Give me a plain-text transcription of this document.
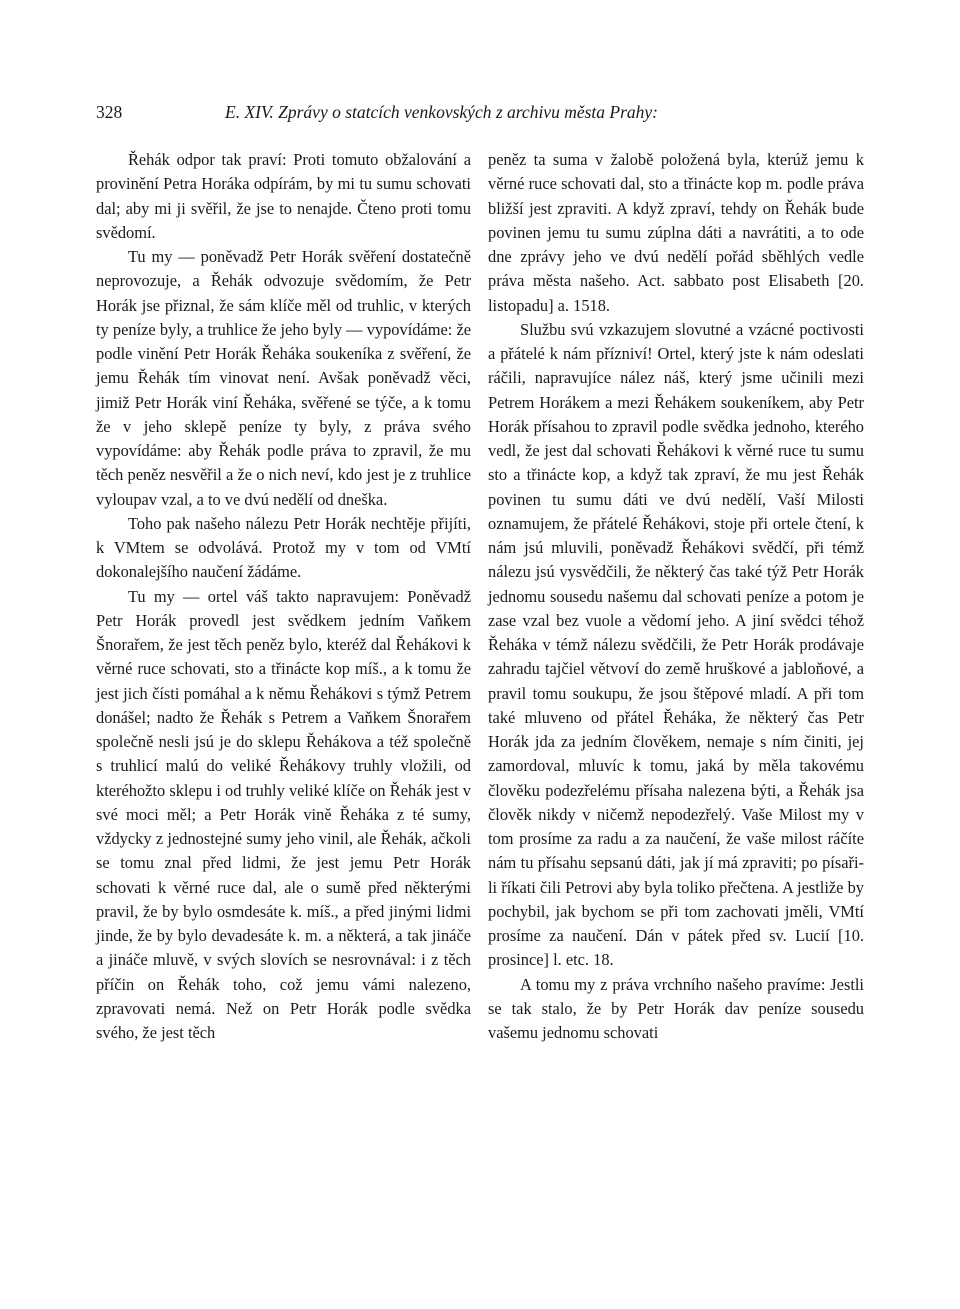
328	E. XIV. Zprávy o statcích venkovských z archivu města Prahy:

Řehák odpor tak praví: Proti tomuto obžalování a provinění Petra Horáka odpírám, by mi tu sumu schovati dal; aby mi ji svěřil, že jse to nenajde. Čteno proti tomu svědomí.

Tu my — poněvadž Petr Horák svěření dostatečně neprovozuje, a Řehák odvozuje svědomím, že Petr Horák jse přiznal, že sám klíče měl od truhlic, v kterých ty peníze byly, a truhlice že jeho byly — vypovídáme: že podle vinění Petr Horák Řeháka soukeníka z svěření, že jemu Řehák tím vinovat není. Avšak poněvadž věci, jimiž Petr Horák viní Řeháka, svěřené se týče, a k tomu že v jeho sklepě peníze ty byly, z práva svého vypovídáme: aby Řehák podle práva to zpravil, že mu těch peněz nesvěřil a že o nich neví, kdo jest je z truhlice vyloupav vzal, a to ve dvú nedělí od dneška.

Toho pak našeho nálezu Petr Horák nechtěje přijíti, k VMtem se odvolává. Protož my v tom od VMtí dokonalejšího naučení žádáme.

Tu my — ortel váš takto napravujem: Poněvadž Petr Horák provedl jest svědkem jedním Vaňkem Šnorařem, že jest těch peněz bylo, kteréž dal Řehákovi k věrné ruce schovati, sto a třinácte kop míš., a k tomu že jest jich čísti pomáhal a k němu Řehákovi s týmž Petrem donášel; nadto že Řehák s Petrem a Vaňkem Šnorařem společně nesli jsú je do sklepu Řehákova a též společně s truhlicí malú do veliké Řehákovy truhly vložili, od kteréhožto sklepu i od truhly veliké klíče on Řehák jest v své moci měl; a Petr Horák vině Řeháka z té sumy, vždycky z jednostejné sumy jeho vinil, ale Řehák, ačkoli se tomu znal před lidmi, že jest jemu Petr Horák schovati k věrné ruce dal, ale o sumě před některými pravil, že by bylo osmdesáte k. míš., a před jinými lidmi jinde, že by bylo devadesáte k. m. a některá, a tak jináče a jináče mluvě, v svých slovích se nesrovnával: i z těch příčin on Řehák toho, což jemu vámi nalezeno, zpravovati nemá. Než on Petr Horák podle svědka svého, že jest těch

peněz ta suma v žalobě položená byla, kterúž jemu k věrné ruce schovati dal, sto a třinácte kop m. podle práva bližší jest zpraviti. A když zpraví, tehdy on Řehák bude povinen jemu tu sumu zúplna dáti a navrátiti, a to ode dne zprávy jeho ve dvú nedělí pořád sběhlých vedle práva města našeho. Act. sabbato post Elisabeth [20. listopadu] a. 1518.

Službu svú vzkazujem slovutné a vzácné poctivosti a přátelé k nám přízniví! Ortel, který jste k nám odeslati ráčili, napravujíce nález náš, který jsme učinili mezi Petrem Horákem a mezi Řehákem soukeníkem, aby Petr Horák přísahou to zpravil podle svědka jednoho, kterého vedl, že jest dal schovati Řehákovi k věrné ruce tu sumu sto a třinácte kop, a když tak zpraví, že mu jest Řehák povinen tu sumu dáti ve dvú nedělí, Vaší Milosti oznamujem, že přátelé Řehákovi, stoje při ortele čtení, k nám jsú mluvili, poněvadž Řehákovi svědčí, při témž nálezu jsú vysvědčili, že některý čas také týž Petr Horák jednomu sousedu našemu dal schovati peníze a potom je zase vzal bez vuole a vědomí jeho. A jiní svědci téhož Řeháka v témž nálezu svědčili, že Petr Horák prodávaje zahradu tajčiel větvoví do země hruškové a jabloňové, a pravil tomu soukupu, že jsou štěpové mladí. A při tom také mluveno od přátel Řeháka, že některý čas Petr Horák jda za jedním člověkem, nemaje s ním činiti, jej zamordoval, mluvíc k tomu, jaká by měla takovému člověku podezřelému přísaha nalezena býti, a Řehák jsa člověk nikdy v ničemž nepodezřelý. Vaše Milost my v tom prosíme za radu a za naučení, že vaše milost ráčíte nám tu přísahu sepsanú dáti, jak jí má zpraviti; po písaři-li říkati čili Petrovi aby byla toliko přečtena. A jestliže by pochybil, jak bychom se při tom zachovati jměli, VMtí prosíme za naučení. Dán v pátek před sv. Lucií [10. prosince] l. etc. 18.

A tomu my z práva vrchního našeho pravíme: Jestli se tak stalo, že by Petr Horák dav peníze sousedu vašemu jednomu schovati
